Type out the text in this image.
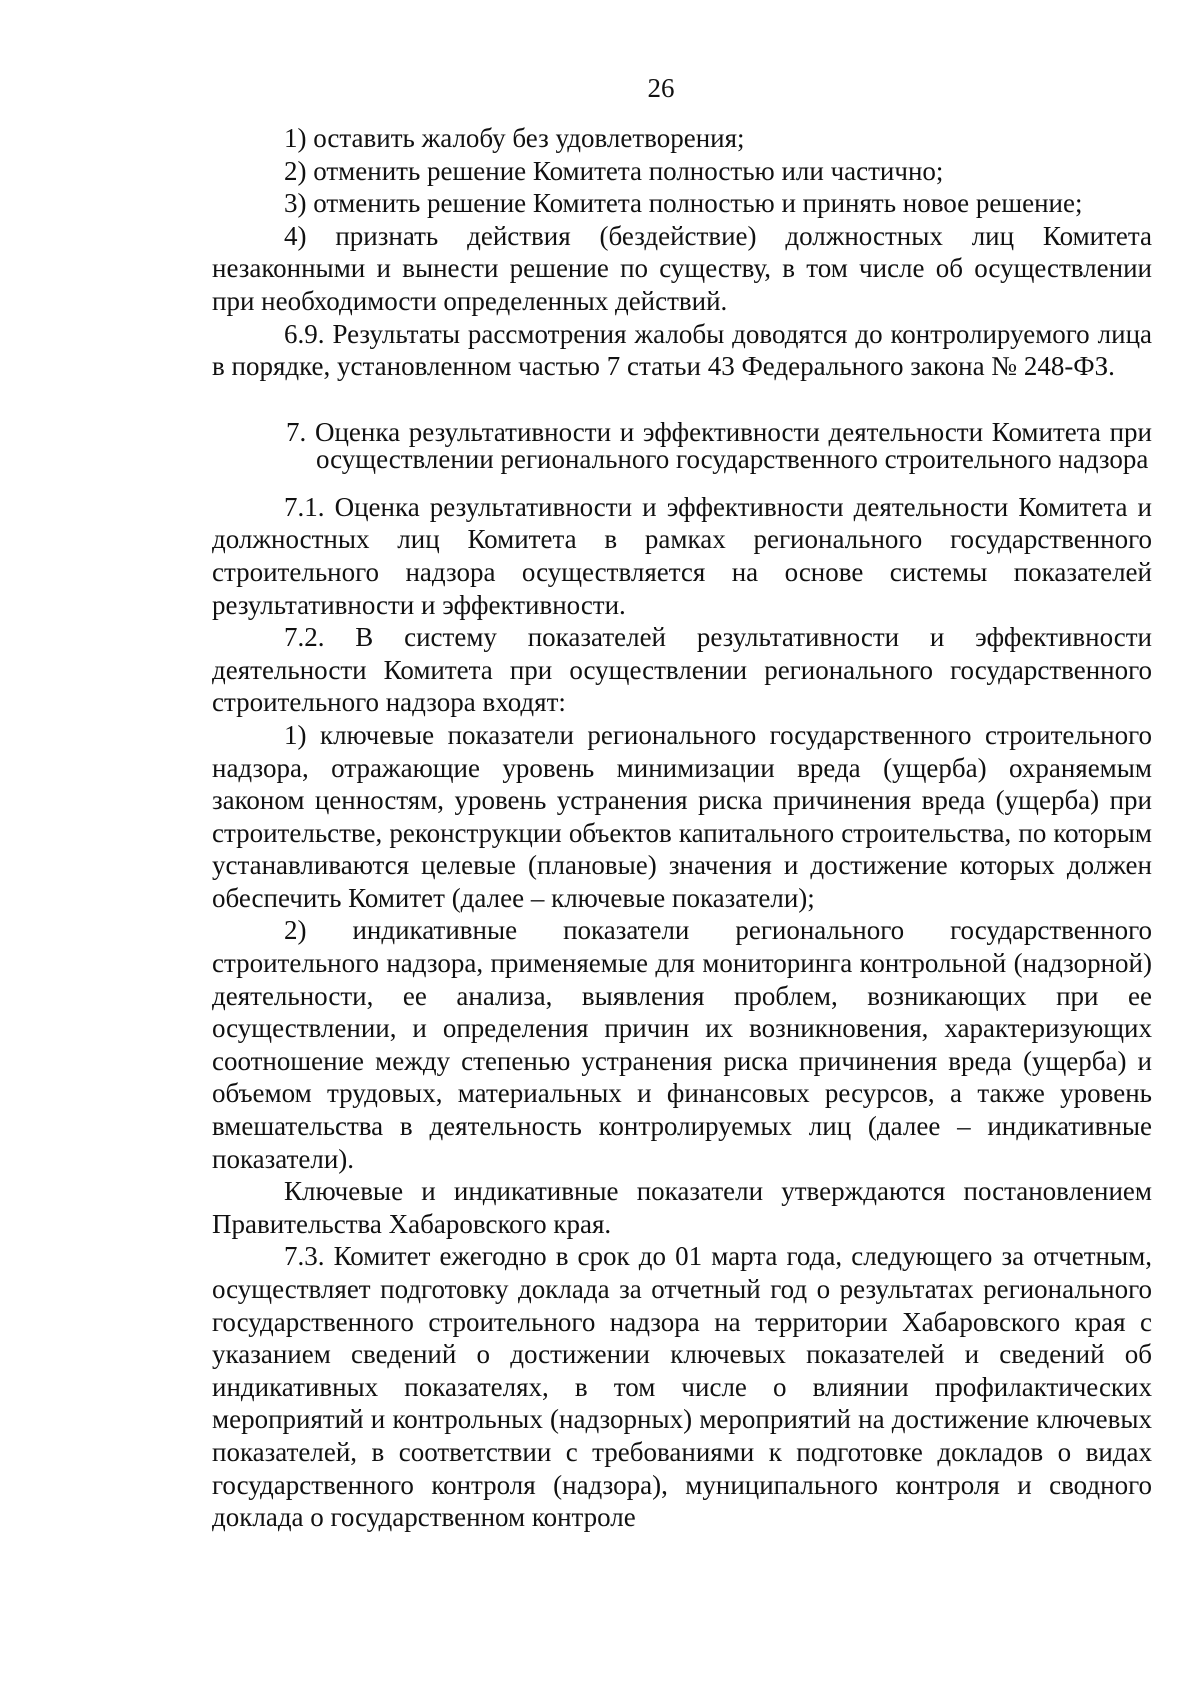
26

1) оставить жалобу без удовлетворения;

2) отменить решение Комитета полностью или частично;

3) отменить решение Комитета полностью и принять новое решение;

4) признать действия (бездействие) должностных лиц Комитета незаконными и вынести решение по существу, в том числе об осуществлении при необходимости определенных действий.

6.9. Результаты рассмотрения жалобы доводятся до контролируемого лица в порядке, установленном частью 7 статьи 43 Федерального закона № 248-ФЗ.

7. Оценка результативности и эффективности деятельности Комитета при осуществлении регионального государственного строительного надзора

7.1. Оценка результативности и эффективности деятельности Комитета и должностных лиц Комитета в рамках регионального государственного строительного надзора осуществляется на основе системы показателей результативности и эффективности.

7.2. В систему показателей результативности и эффективности деятельности Комитета при осуществлении регионального государственного строительного надзора входят:

1) ключевые показатели регионального государственного строительного надзора, отражающие уровень минимизации вреда (ущерба) охраняемым законом ценностям, уровень устранения риска причинения вреда (ущерба) при строительстве, реконструкции объектов капитального строительства, по которым устанавливаются целевые (плановые) значения и достижение которых должен обеспечить Комитет (далее – ключевые показатели);

2) индикативные показатели регионального государственного строительного надзора, применяемые для мониторинга контрольной (надзорной) деятельности, ее анализа, выявления проблем, возникающих при ее осуществлении, и определения причин их возникновения, характеризующих соотношение между степенью устранения риска причинения вреда (ущерба) и объемом трудовых, материальных и финансовых ресурсов, а также уровень вмешательства в деятельность контролируемых лиц (далее – индикативные показатели).

Ключевые и индикативные показатели утверждаются постановлением Правительства Хабаровского края.

7.3. Комитет ежегодно в срок до 01 марта года, следующего за отчетным, осуществляет подготовку доклада за отчетный год о результатах регионального государственного строительного надзора на территории Хабаровского края с указанием сведений о достижении ключевых показателей и сведений об индикативных показателях, в том числе о влиянии профилактических мероприятий и контрольных (надзорных) мероприятий на достижение ключевых показателей, в соответствии с требованиями к подготовке докладов о видах государственного контроля (надзора), муниципального контроля и сводного доклада о государственном контроле
